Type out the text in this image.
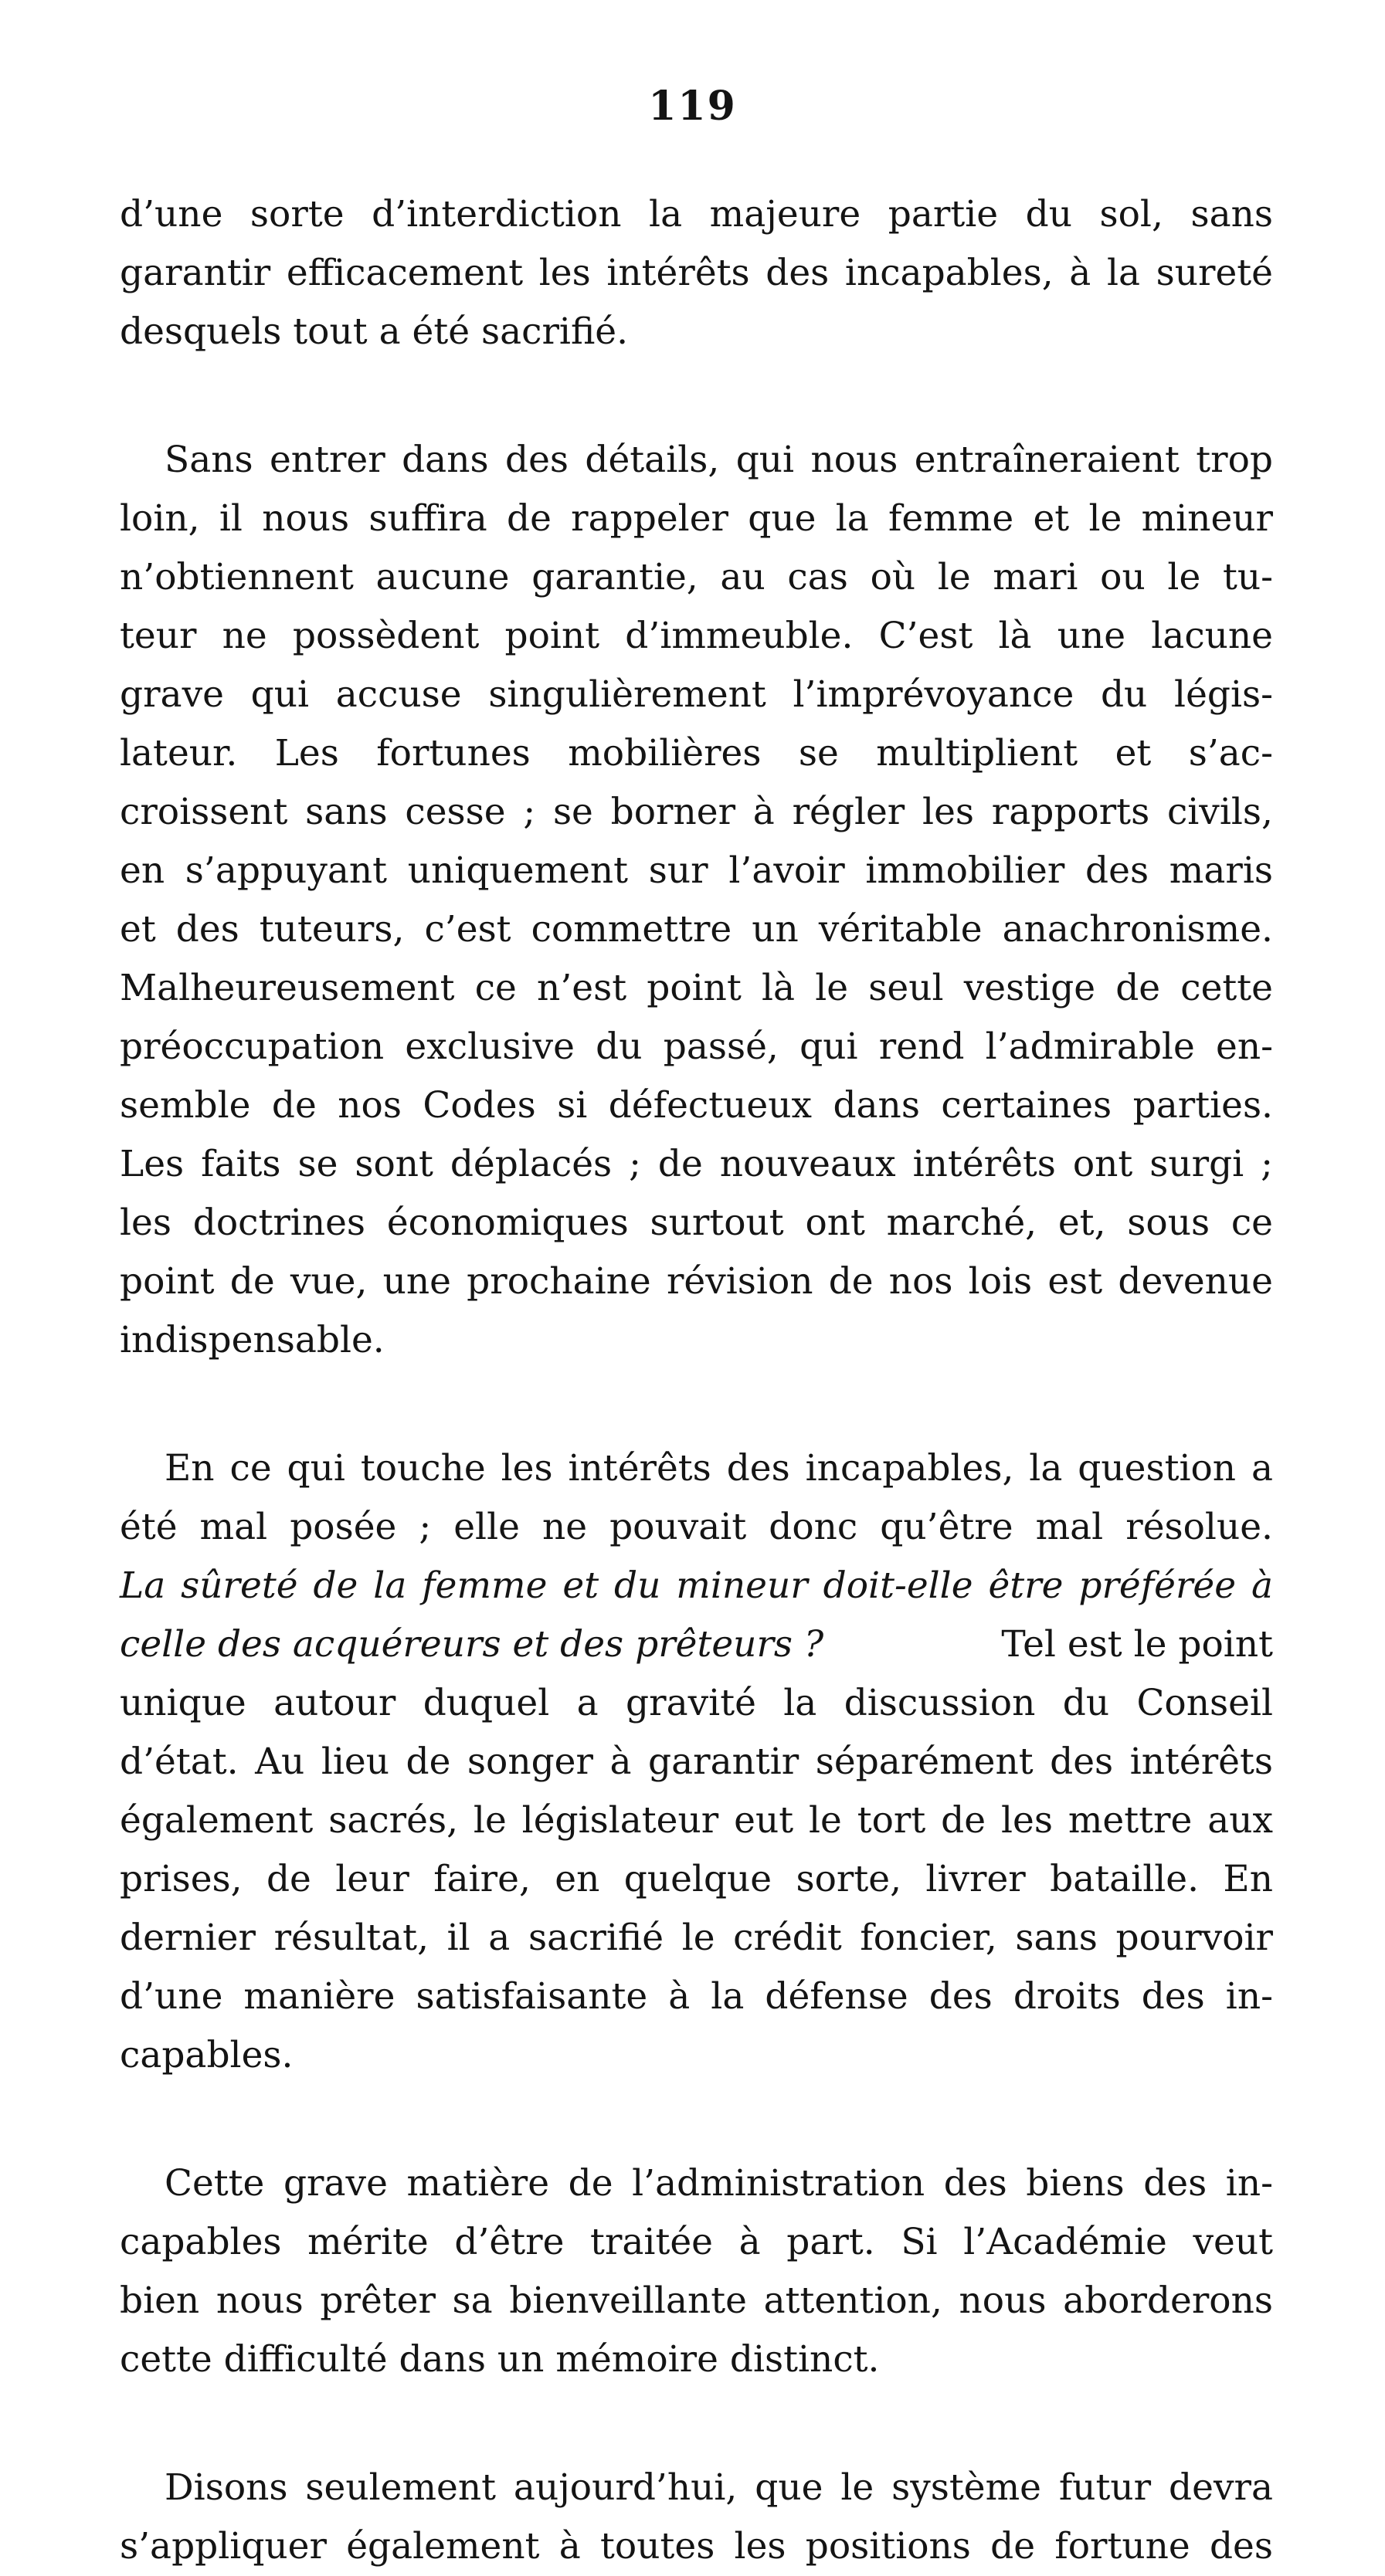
119
d’une sorte d’interdiction la majeure partie du sol, sans
garantir efficacement les intérêts des incapables, à la sureté
desquels tout a été sacrifié.
Sans entrer dans des détails, qui nous entraîneraient trop
loin, il nous suffira de rappeler que la femme et le mineur
n’obtiennent aucune garantie, au cas où le mari ou le tu-
teur ne possèdent point d’immeuble. C’est là une lacune
grave qui accuse singulièrement l’imprévoyance du légis-
lateur. Les fortunes mobilières se multiplient et s’ac-
croissent sans cesse ; se borner à régler les rapports civils,
en s’appuyant uniquement sur l’avoir immobilier des maris
et des tuteurs, c’est commettre un véritable anachronisme.
Malheureusement ce n’est point là le seul vestige de cette
préoccupation exclusive du passé, qui rend l’admirable en-
semble de nos Codes si défectueux dans certaines parties.
Les faits se sont déplacés ; de nouveaux intérêts ont surgi ;
les doctrines économiques surtout ont marché, et, sous ce
point de vue, une prochaine révision de nos lois est devenue
indispensable.
En ce qui touche les intérêts des incapables, la question a
été mal posée ; elle ne pouvait donc qu’être mal résolue.
La sûreté de la femme et du mineur doit-elle être préférée à
celle des acquéreurs et des prêteurs ?	Tel est le point
unique autour duquel a gravité la discussion du Conseil
d’état. Au lieu de songer à garantir séparément des intérêts
également sacrés, le législateur eut le tort de les mettre aux
prises, de leur faire, en quelque sorte, livrer bataille. En
dernier résultat, il a sacrifié le crédit foncier, sans pourvoir
d’une manière satisfaisante à la défense des droits des in-
capables.
Cette grave matière de l’administration des biens des in-
capables mérite d’être traitée à part. Si l’Académie veut
bien nous prêter sa bienveillante attention, nous aborderons
cette difficulté dans un mémoire distinct.
Disons seulement aujourd’hui, que le système futur devra
s’appliquer également à toutes les positions de fortune des
